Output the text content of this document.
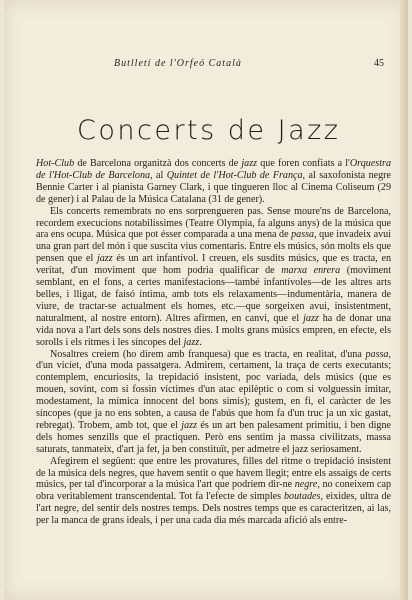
Butlletí de l'Orfeó Català	45
Concerts de Jazz

Hot-Club de Barcelona organitzà dos concerts de jazz que foren confiats a l'Orquestra de l'Hot-Club de Barcelona, al Quintet de l'Hot-Club de França, al saxofonista negre Bennie Carter i al pianista Garney Clark, i que tingueren lloc al Cinema Coliseum (29 de gener) i al Palau de la Música Catalana (31 de gener).

Els concerts remembrats no ens sorprengueren pas. Sense moure'ns de Barcelona, recordem execucions notabilíssimes (Teatre Olympia, fa alguns anys) de la música que ara ens ocupa. Música que pot ésser comparada a una mena de passa, que invadeix avui una gran part del món i que suscita vius comentaris. Entre els músics, són molts els que pensen que el jazz és un art infantívol. I creuen, els susdits músics, que es tracta, en veritat, d'un moviment que hom podria qualificar de marxa enrera (moviment semblant, en el fons, a certes manifestacions—també infantívoles—de les altres arts belles, i lligat, de faisó íntima, amb tots els relaxaments—indumentària, manera de viure, de tractar-se actualment els homes, etc.—que sorgeixen avui, insistentment, naturalment, al nostre entorn). Altres afirmen, en canvi, que el jazz ha de donar una vida nova a l'art dels sons dels nostres dies. I molts grans músics empren, en efecte, els sorolls i els ritmes i les síncopes del jazz.

Nosaltres creiem (ho direm amb franquesa) que es tracta, en realitat, d'una passa, d'un vicíet, d'una moda passatgera. Admirem, certament, la traça de certs executants; contemplem, encuriosits, la trepidació insistent, poc variada, dels músics (que es mouen, sovint, com si fossin víctimes d'un atac epilèptic o com si volguessin imitar, modestament, la mímica innocent del bons simis); gustem, en fi, el caràcter de les síncopes (que ja no ens sobten, a causa de l'abús que hom fa d'un truc ja un xic gastat, rebregat). Trobem, amb tot, que el jazz és un art ben palesament primitiu, i ben digne dels homes senzills que el practiquen. Però ens sentim ja massa civilitzats, massa saturats, tanmateix, d'art ja fet, ja ben constituït, per admetre el jazz seriosament.

Afegirem el següent: que entre les provatures, filles del ritme o trepidació insistent de la música dels negres, que havem sentit o que havem llegit; entre els assaigs de certs músics, per tal d'incorporar a la música l'art que podríem dir-ne negre, no coneixem cap obra veritablement transcendental. Tot fa l'efecte de simples boutades, eixides, ultra de l'art negre, del sentir dels nostres temps. Dels nostres temps que es caracteritzen, ai las, per la manca de grans ideals, i per una cada dia més marcada afició als entre-
